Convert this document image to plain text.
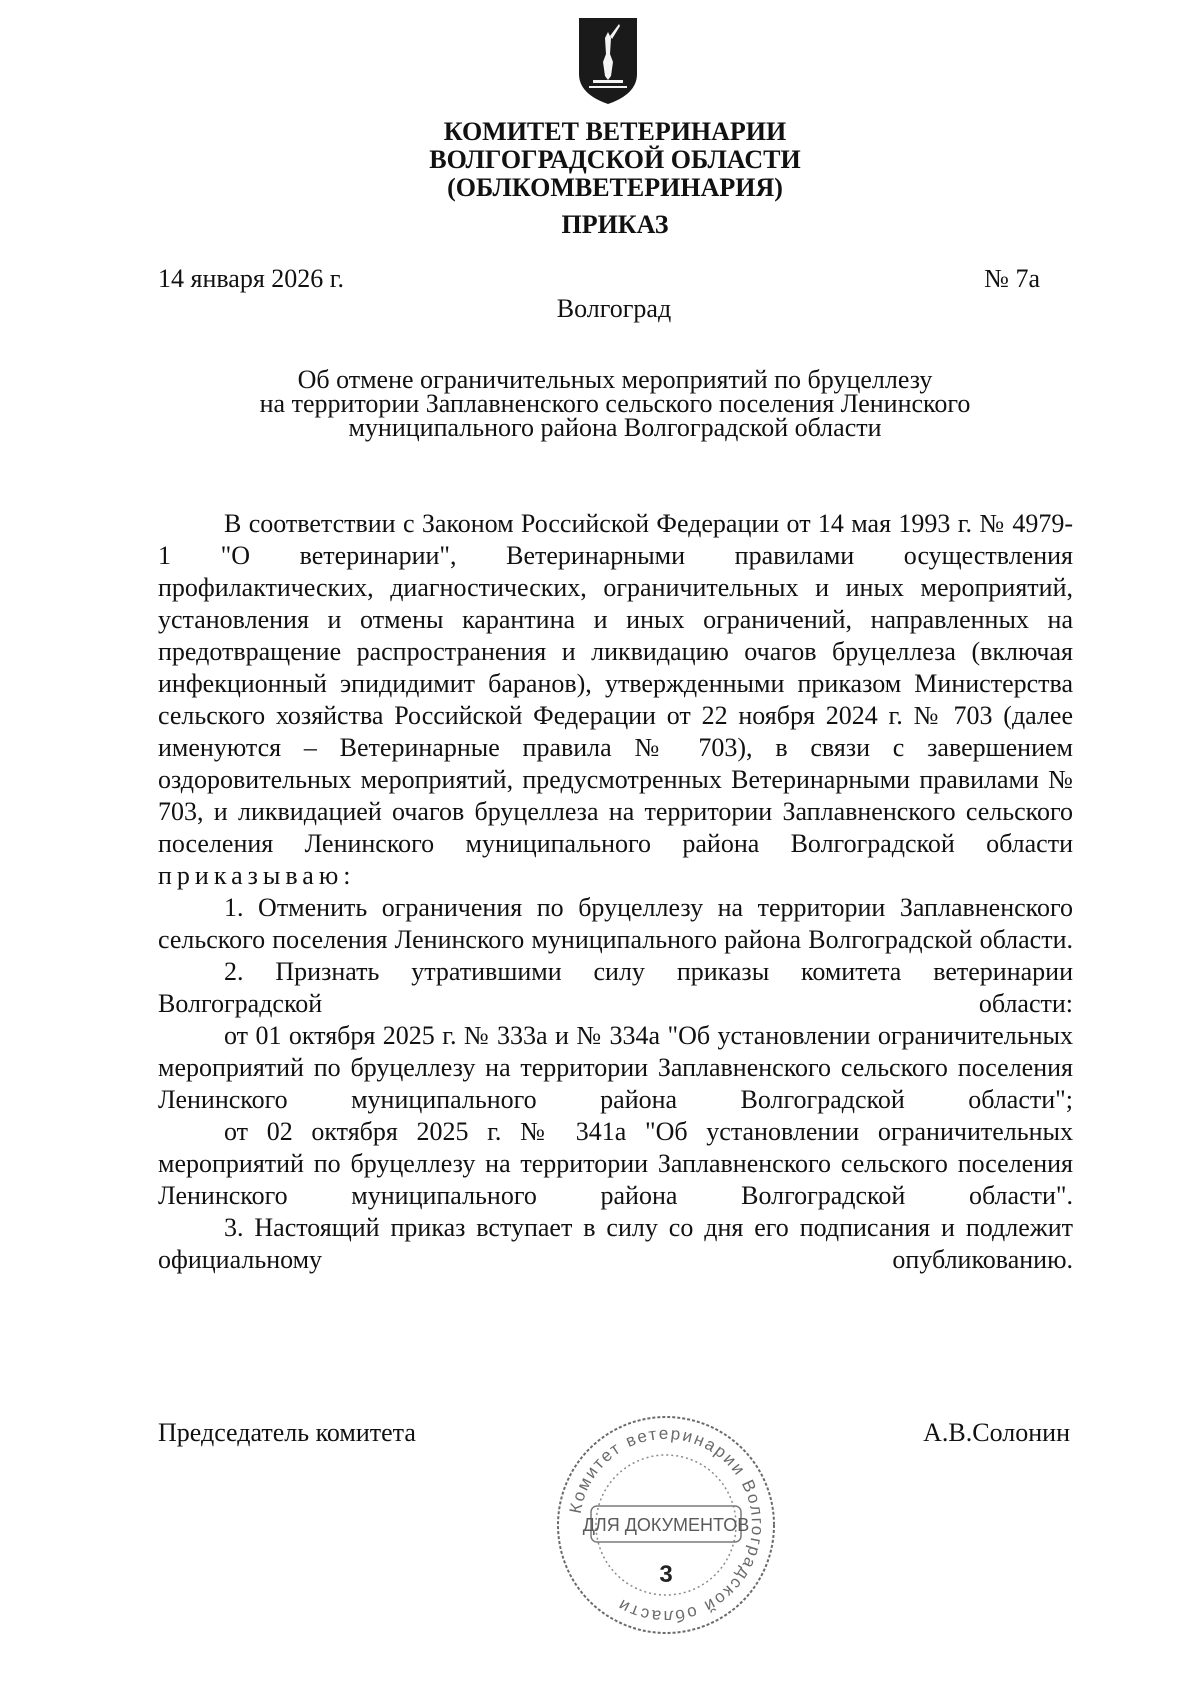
КОМИТЕТ ВЕТЕРИНАРИИ
ВОЛГОГРАДСКОЙ ОБЛАСТИ
(ОБЛКОМВЕТЕРИНАРИЯ)
ПРИКАЗ
14 января 2026 г.	№ 7а
Волгоград
Об отмене ограничительных мероприятий по бруцеллезу
на территории Заплавненского сельского поселения Ленинского
муниципального района Волгоградской области

В соответствии с Законом Российской Федерации от 14 мая 1993 г. № 4979-1 "О ветеринарии", Ветеринарными правилами осуществления профилактических, диагностических, ограничительных и иных мероприятий, установления и отмены карантина и иных ограничений, направленных на предотвращение распространения и ликвидацию очагов бруцеллеза (включая инфекционный эпидидимит баранов), утвержденными приказом Министерства сельского хозяйства Российской Федерации от 22 ноября 2024 г. № 703 (далее именуются – Ветеринарные правила № 703), в связи с завершением оздоровительных мероприятий, предусмотренных Ветеринарными правилами № 703, и ликвидацией очагов бруцеллеза на территории Заплавненского сельского поселения Ленинского муниципального района Волгоградской области

приказываю:

1. Отменить ограничения по бруцеллезу на территории Заплавненского сельского поселения Ленинского муниципального района Волгоградской области.

2. Признать утратившими силу приказы комитета ветеринарии Волгоградской области:

от 01 октября 2025 г. № 333а и № 334а "Об установлении ограничительных мероприятий по бруцеллезу на территории Заплавненского сельского поселения Ленинского муниципального района Волгоградской области";

от 02 октября 2025 г. № 341а "Об установлении ограничительных мероприятий по бруцеллезу на территории Заплавненского сельского поселения Ленинского муниципального района Волгоградской области".

3. Настоящий приказ вступает в силу со дня его подписания и подлежит официальному опубликованию.

Председатель комитета	А.В.Солонин
Комитет ветеринарии Волгоградской области
ДЛЯ ДОКУМЕНТОВ
3
